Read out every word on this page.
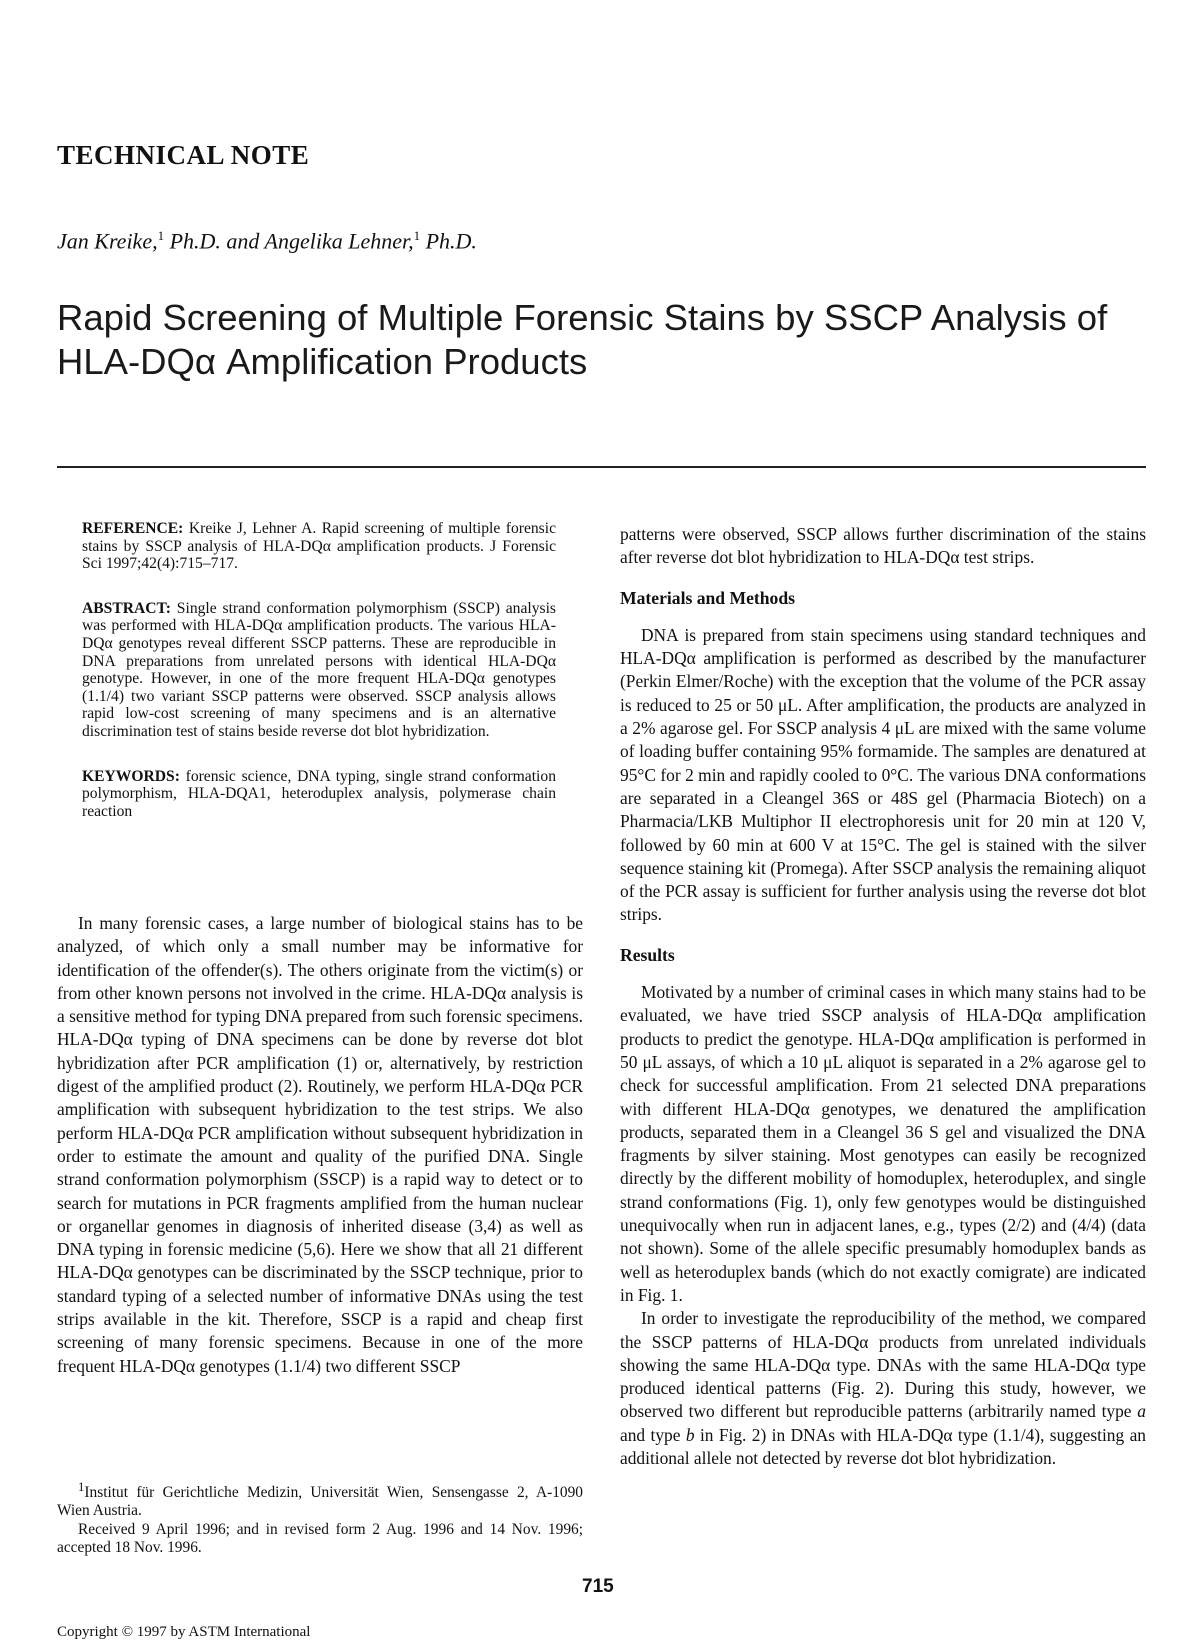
TECHNICAL NOTE
Jan Kreike,$^1$ Ph.D. and Angelika Lehner,$^1$ Ph.D.
Rapid Screening of Multiple Forensic Stains by SSCP Analysis of HLA-DQα Amplification Products

REFERENCE: Kreike J, Lehner A. Rapid screening of multiple forensic stains by SSCP analysis of HLA-DQα amplification products. J Forensic Sci 1997;42(4):715–717.

ABSTRACT: Single strand conformation polymorphism (SSCP) analysis was performed with HLA-DQα amplification products. The various HLA-DQα genotypes reveal different SSCP patterns. These are reproducible in DNA preparations from unrelated persons with identical HLA-DQα genotype. However, in one of the more frequent HLA-DQα genotypes (1.1/4) two variant SSCP patterns were observed. SSCP analysis allows rapid low-cost screening of many specimens and is an alternative discrimination test of stains beside reverse dot blot hybridization.

KEYWORDS: forensic science, DNA typing, single strand conformation polymorphism, HLA-DQA1, heteroduplex analysis, polymerase chain reaction

In many forensic cases, a large number of biological stains has to be analyzed, of which only a small number may be informative for identification of the offender(s). The others originate from the victim(s) or from other known persons not involved in the crime. HLA-DQα analysis is a sensitive method for typing DNA prepared from such forensic specimens. HLA-DQα typing of DNA specimens can be done by reverse dot blot hybridization after PCR amplification (1) or, alternatively, by restriction digest of the amplified product (2). Routinely, we perform HLA-DQα PCR amplification with subsequent hybridization to the test strips. We also perform HLA-DQα PCR amplification without subsequent hybridization in order to estimate the amount and quality of the purified DNA. Single strand conformation polymorphism (SSCP) is a rapid way to detect or to search for mutations in PCR fragments amplified from the human nuclear or organellar genomes in diagnosis of inherited disease (3,4) as well as DNA typing in forensic medicine (5,6). Here we show that all 21 different HLA-DQα genotypes can be discriminated by the SSCP technique, prior to standard typing of a selected number of informative DNAs using the test strips available in the kit. Therefore, SSCP is a rapid and cheap first screening of many forensic specimens. Because in one of the more frequent HLA-DQα genotypes (1.1/4) two different SSCP

$^1$Institut für Gerichtliche Medizin, Universität Wien, Sensengasse 2, A-1090 Wien Austria.

Received 9 April 1996; and in revised form 2 Aug. 1996 and 14 Nov. 1996; accepted 18 Nov. 1996.

patterns were observed, SSCP allows further discrimination of the stains after reverse dot blot hybridization to HLA-DQα test strips.

Materials and Methods

DNA is prepared from stain specimens using standard techniques and HLA-DQα amplification is performed as described by the manufacturer (Perkin Elmer/Roche) with the exception that the volume of the PCR assay is reduced to 25 or 50 μL. After amplification, the products are analyzed in a 2% agarose gel. For SSCP analysis 4 μL are mixed with the same volume of loading buffer containing 95% formamide. The samples are denatured at 95°C for 2 min and rapidly cooled to 0°C. The various DNA conformations are separated in a Cleangel 36S or 48S gel (Pharmacia Biotech) on a Pharmacia/LKB Multiphor II electrophoresis unit for 20 min at 120 V, followed by 60 min at 600 V at 15°C. The gel is stained with the silver sequence staining kit (Promega). After SSCP analysis the remaining aliquot of the PCR assay is sufficient for further analysis using the reverse dot blot strips.

Results

Motivated by a number of criminal cases in which many stains had to be evaluated, we have tried SSCP analysis of HLA-DQα amplification products to predict the genotype. HLA-DQα amplification is performed in 50 μL assays, of which a 10 μL aliquot is separated in a 2% agarose gel to check for successful amplification. From 21 selected DNA preparations with different HLA-DQα genotypes, we denatured the amplification products, separated them in a Cleangel 36 S gel and visualized the DNA fragments by silver staining. Most genotypes can easily be recognized directly by the different mobility of homoduplex, heteroduplex, and single strand conformations (Fig. 1), only few genotypes would be distinguished unequivocally when run in adjacent lanes, e.g., types (2/2) and (4/4) (data not shown). Some of the allele specific presumably homoduplex bands as well as heteroduplex bands (which do not exactly comigrate) are indicated in Fig. 1.

In order to investigate the reproducibility of the method, we compared the SSCP patterns of HLA-DQα products from unrelated individuals showing the same HLA-DQα type. DNAs with the same HLA-DQα type produced identical patterns (Fig. 2). During this study, however, we observed two different but reproducible patterns (arbitrarily named type a and type b in Fig. 2) in DNAs with HLA-DQα type (1.1/4), suggesting an additional allele not detected by reverse dot blot hybridization.

715
Copyright © 1997 by ASTM International
